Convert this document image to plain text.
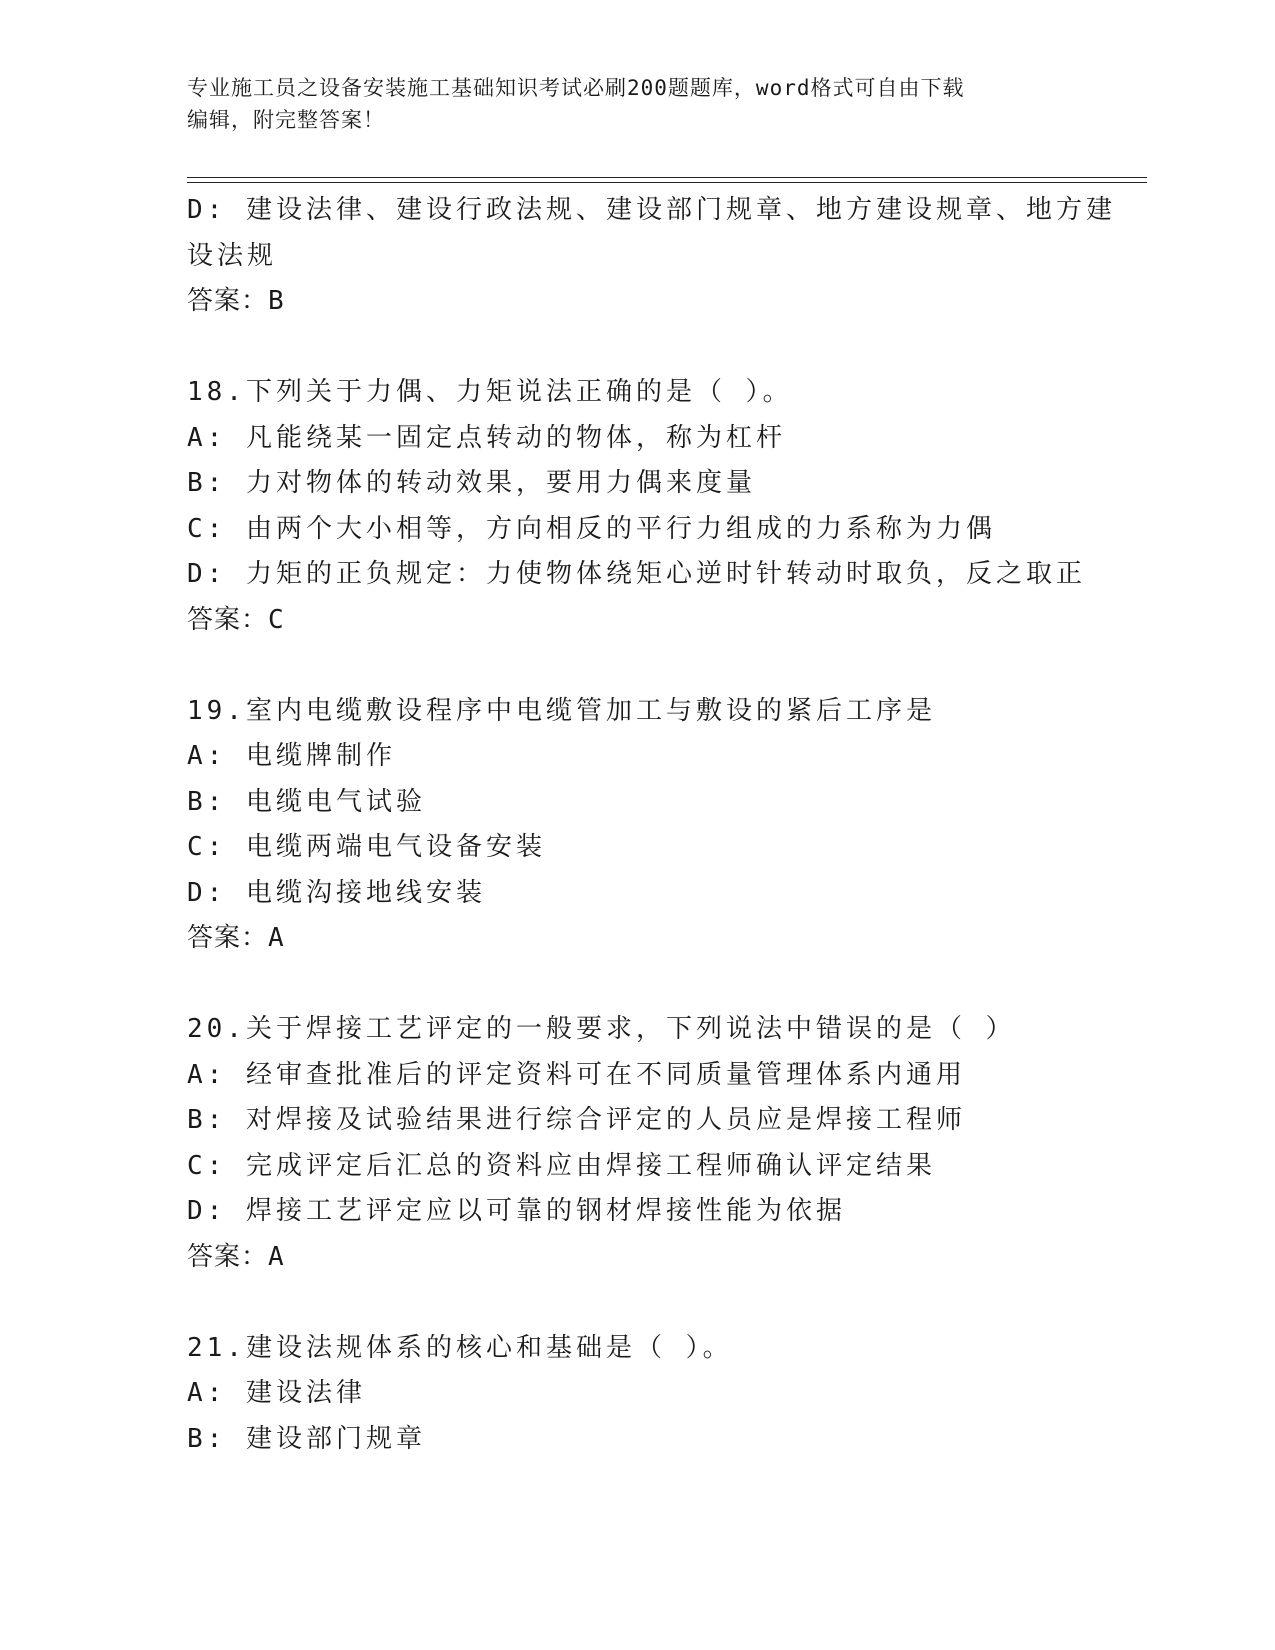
专业施工员之设备安装施工基础知识考试必刷200题题库，word格式可自由下载
编辑，附完整答案！
D: 建设法律、建设行政法规、建设部门规章、地方建设规章、地方建
设法规
答案：B
18.下列关于力偶、力矩说法正确的是（ ）。
A: 凡能绕某一固定点转动的物体，称为杠杆
B: 力对物体的转动效果，要用力偶来度量
C: 由两个大小相等，方向相反的平行力组成的力系称为力偶
D: 力矩的正负规定：力使物体绕矩心逆时针转动时取负，反之取正
答案：C
19.室内电缆敷设程序中电缆管加工与敷设的紧后工序是
A: 电缆牌制作
B: 电缆电气试验
C: 电缆两端电气设备安装
D: 电缆沟接地线安装
答案：A
20.关于焊接工艺评定的一般要求，下列说法中错误的是（ ）
A: 经审查批准后的评定资料可在不同质量管理体系内通用
B: 对焊接及试验结果进行综合评定的人员应是焊接工程师
C: 完成评定后汇总的资料应由焊接工程师确认评定结果
D: 焊接工艺评定应以可靠的钢材焊接性能为依据
答案：A
21.建设法规体系的核心和基础是（ ）。
A: 建设法律
B: 建设部门规章
